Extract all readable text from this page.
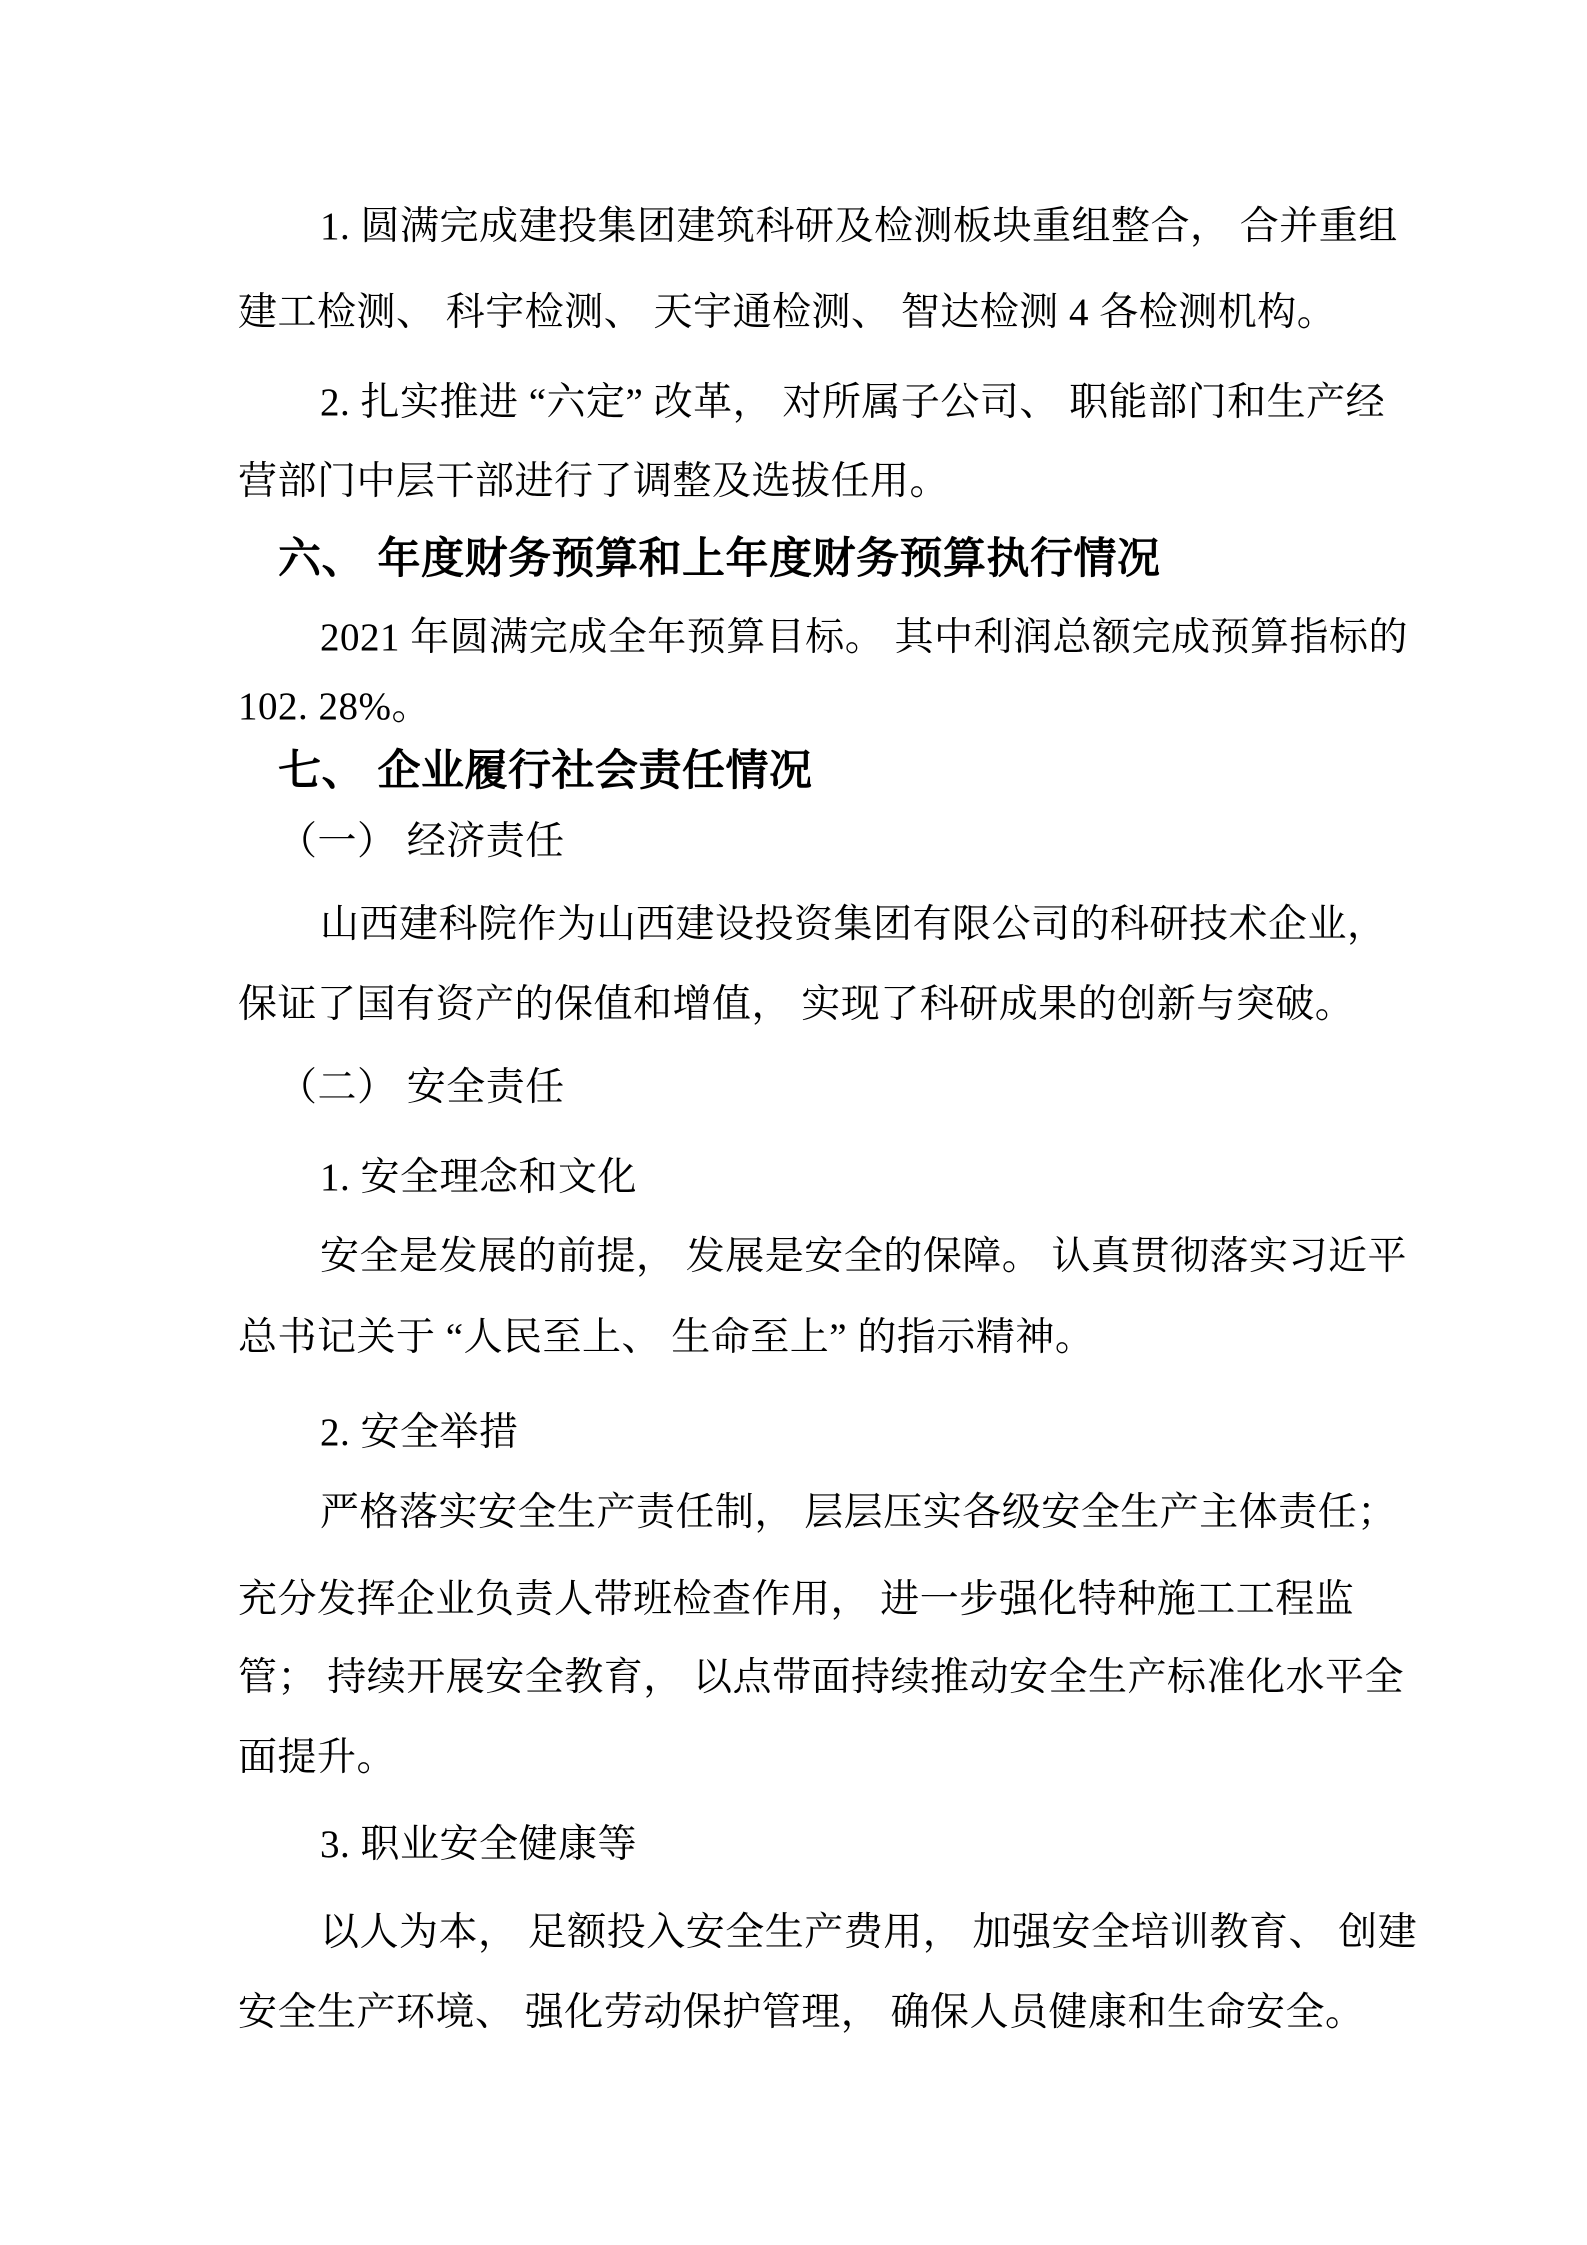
1. 圆满完成建投集团建筑科研及检测板块重组整合， 合并重组
建工检测、 科宇检测、 天宇通检测、 智达检测 4 各检测机构。
2. 扎实推进 “六定” 改革， 对所属子公司、 职能部门和生产经
营部门中层干部进行了调整及选拔任用。
六、 年度财务预算和上年度财务预算执行情况
2021 年圆满完成全年预算目标。 其中利润总额完成预算指标的
102. 28%。
七、 企业履行社会责任情况
（一） 经济责任
山西建科院作为山西建设投资集团有限公司的科研技术企业，
保证了国有资产的保值和增值， 实现了科研成果的创新与突破。
（二） 安全责任
1. 安全理念和文化
安全是发展的前提， 发展是安全的保障。 认真贯彻落实习近平
总书记关于 “人民至上、 生命至上” 的指示精神。
2. 安全举措
严格落实安全生产责任制， 层层压实各级安全生产主体责任；
充分发挥企业负责人带班检查作用， 进一步强化特种施工工程监
管； 持续开展安全教育， 以点带面持续推动安全生产标准化水平全
面提升。
3. 职业安全健康等
以人为本， 足额投入安全生产费用， 加强安全培训教育、 创建
安全生产环境、 强化劳动保护管理， 确保人员健康和生命安全。
